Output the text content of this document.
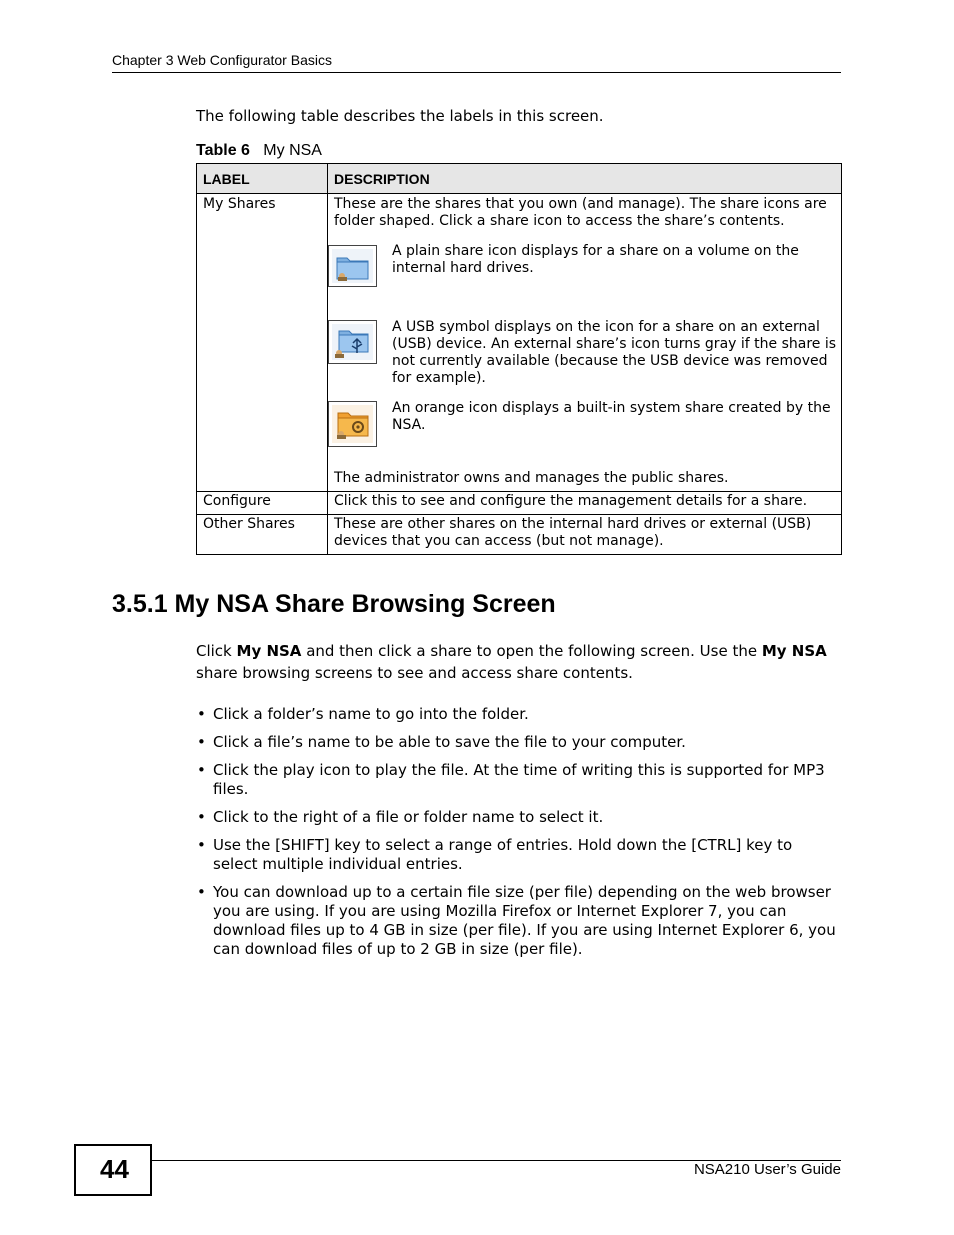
Chapter 3 Web Configurator Basics
The following table describes the labels in this screen.
Table 6 My NSA
LABEL	DESCRIPTION

My Shares	These are the shares that you own (and manage). The share icons are folder shaped. Click a share icon to access the share’s contents.
A plain share icon displays for a share on a volume on the internal hard drives.
A USB symbol displays on the icon for a share on an external (USB) device. An external share’s icon turns gray if the share is not currently available (because the USB device was removed for example).
An orange icon displays a built-in system share created by the NSA.
The administrator owns and manages the public shares.

Configure	Click this to see and configure the management details for a share.

Other Shares	These are other shares on the internal hard drives or external (USB) devices that you can access (but not manage).
3.5.1 My NSA Share Browsing Screen
Click My NSA and then click a share to open the following screen. Use the My NSA share browsing screens to see and access share contents.
• Click a folder’s name to go into the folder.
• Click a file’s name to be able to save the file to your computer.
• Click the play icon to play the file. At the time of writing this is supported for MP3 files.
• Click to the right of a file or folder name to select it.
• Use the [SHIFT] key to select a range of entries. Hold down the [CTRL] key to select multiple individual entries.
• You can download up to a certain file size (per file) depending on the web browser you are using. If you are using Mozilla Firefox or Internet Explorer 7, you can download files up to 4 GB in size (per file). If you are using Internet Explorer 6, you can download files of up to 2 GB in size (per file).
44	NSA210 User’s Guide
